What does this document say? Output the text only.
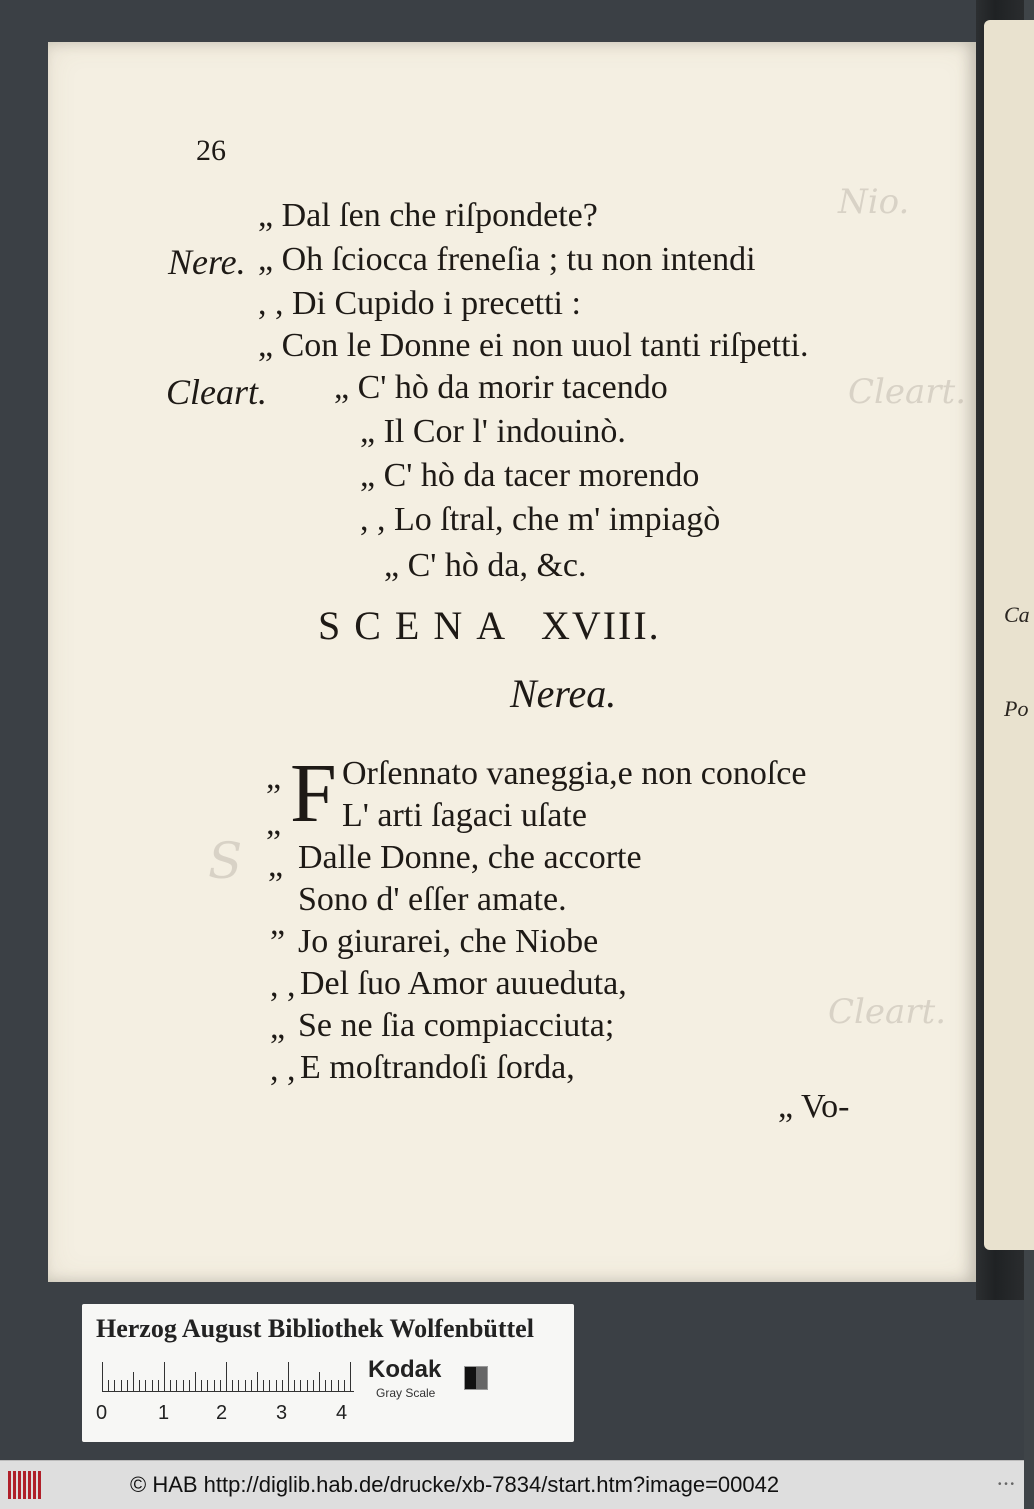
Ca
Po
Nio.
Cleart.
S
Cleart.
26
„ Dal ſen che riſpondete?
Nere. „ Oh ſciocca freneſia ; tu non intendi
, , Di Cupido i precetti :
„ Con le Donne ei non uuol tanti riſpetti.
Cleart. „ C' hò da morir tacendo
„ Il Cor l' indouinò.
„ C' hò da tacer morendo
, , Lo ſtral, che m' impiagò
„ C' hò da, &c.
SCENA XVIII.
Nerea.
F
„ Orſennato vaneggia,e non conoſce
„ L' arti ſagaci uſate
„ Dalle Donne, che accorte
Sono d' eſſer amate.
„ Jo giurarei, che Niobe
, , Del ſuo Amor auueduta,
„ Se ne ſia compiacciuta;
, , E moſtrandoſi ſorda,
„ Vo-
Herzog August Bibliothek Wolfenbüttel
0	1 2 3 4
Kodak
Gray Scale
© HAB http://diglib.hab.de/drucke/xb-7834/start.htm?image=00042	• • •
